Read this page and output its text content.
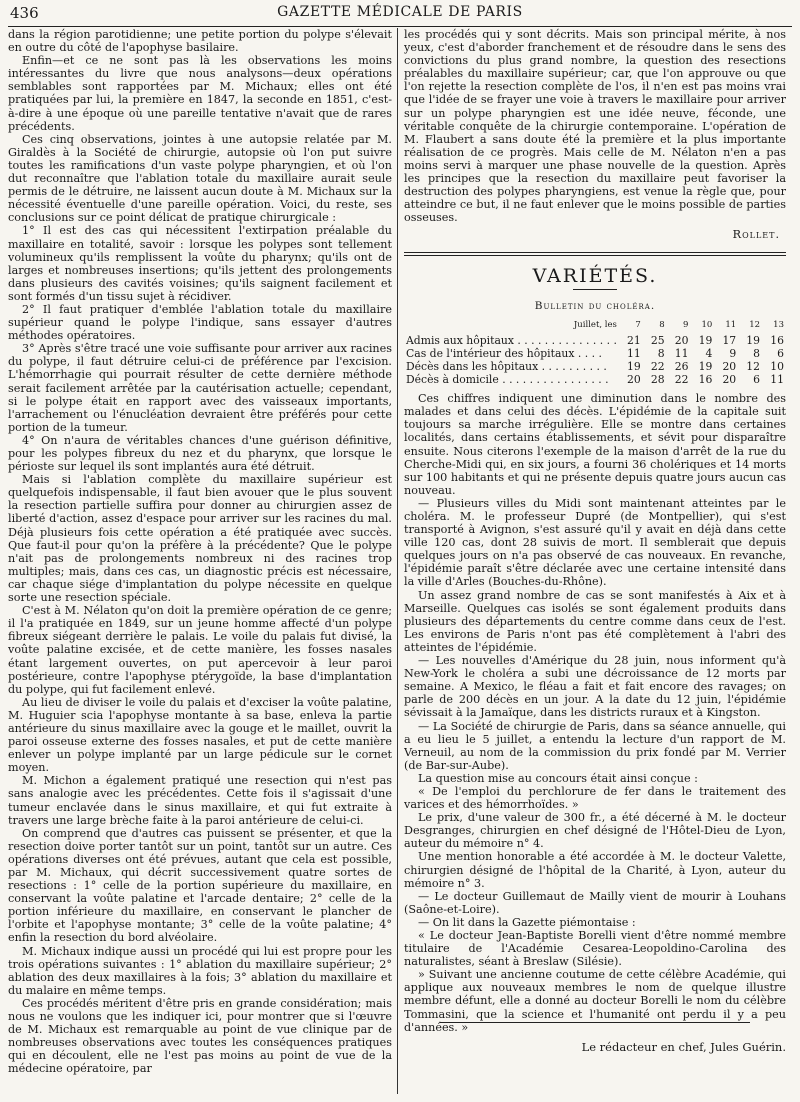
436	GAZETTE MÉDICALE DE PARIS

dans la région parotidienne; une petite portion du polype s'élevait en outre du côté de l'apophyse basilaire.

Enfin—et ce ne sont pas là les observations les moins intéressantes du livre que nous analysons—deux opérations semblables sont rapportées par M. Michaux; elles ont été pratiquées par lui, la première en 1847, la seconde en 1851, c'est-à-dire à une époque où une pareille tentative n'avait que de rares précédents.

Ces cinq observations, jointes à une autopsie relatée par M. Giraldès à la Société de chirurgie, autopsie où l'on put suivre toutes les ramifications d'un vaste polype pharyngien, et où l'on dut reconnaître que l'ablation totale du maxillaire aurait seule permis de le détruire, ne laissent aucun doute à M. Michaux sur la nécessité éventuelle d'une pareille opération. Voici, du reste, ses conclusions sur ce point délicat de pratique chirurgicale :

1° Il est des cas qui nécessitent l'extirpation préalable du maxillaire en totalité, savoir : lorsque les polypes sont tellement volumineux qu'ils remplissent la voûte du pharynx; qu'ils ont de larges et nombreuses insertions; qu'ils jettent des prolongements dans plusieurs des cavités voisines; qu'ils saignent facilement et sont formés d'un tissu sujet à récidiver.

2° Il faut pratiquer d'emblée l'ablation totale du maxillaire supérieur quand le polype l'indique, sans essayer d'autres méthodes opératoires.

3° Après s'être tracé une voie suffisante pour arriver aux racines du polype, il faut détruire celui-ci de préférence par l'excision. L'hémorrhagie qui pourrait résulter de cette dernière méthode serait facilement arrêtée par la cautérisation actuelle; cependant, si le polype était en rapport avec des vaisseaux importants, l'arrachement ou l'énucléation devraient être préférés pour cette portion de la tumeur.

4° On n'aura de véritables chances d'une guérison définitive, pour les polypes fibreux du nez et du pharynx, que lorsque le périoste sur lequel ils sont implantés aura été détruit.

Mais si l'ablation complète du maxillaire supérieur est quelquefois indispensable, il faut bien avouer que le plus souvent la resection partielle suffira pour donner au chirurgien assez de liberté d'action, assez d'espace pour arriver sur les racines du mal. Déjà plusieurs fois cette opération a été pratiquée avec succès. Que faut-il pour qu'on la préfère à la précédente? Que le polype n'ait pas de prolongements nombreux ni des racines trop multiples; mais, dans ces cas, un diagnostic précis est nécessaire, car chaque siége d'implantation du polype nécessite en quelque sorte une resection spéciale.

C'est à M. Nélaton qu'on doit la première opération de ce genre; il l'a pratiquée en 1849, sur un jeune homme affecté d'un polype fibreux siégeant derrière le palais. Le voile du palais fut divisé, la voûte palatine excisée, et de cette manière, les fosses nasales étant largement ouvertes, on put apercevoir à leur paroi postérieure, contre l'apophyse ptérygoïde, la base d'implantation du polype, qui fut facilement enlevé.

Au lieu de diviser le voile du palais et d'exciser la voûte palatine, M. Huguier scia l'apophyse montante à sa base, enleva la partie antérieure du sinus maxillaire avec la gouge et le maillet, ouvrit la paroi osseuse externe des fosses nasales, et put de cette manière enlever un polype implanté par un large pédicule sur le cornet moyen.

M. Michon a également pratiqué une resection qui n'est pas sans analogie avec les précédentes. Cette fois il s'agissait d'une tumeur enclavée dans le sinus maxillaire, et qui fut extraite à travers une large brèche faite à la paroi antérieure de celui-ci.

On comprend que d'autres cas puissent se présenter, et que la resection doive porter tantôt sur un point, tantôt sur un autre. Ces opérations diverses ont été prévues, autant que cela est possible, par M. Michaux, qui décrit successivement quatre sortes de resections : 1° celle de la portion supérieure du maxillaire, en conservant la voûte palatine et l'arcade dentaire; 2° celle de la portion inférieure du maxillaire, en conservant le plancher de l'orbite et l'apophyse montante; 3° celle de la voûte palatine; 4° enfin la resection du bord alvéolaire.

M. Michaux indique aussi un procédé qui lui est propre pour les trois opérations suivantes : 1° ablation du maxillaire supérieur; 2° ablation des deux maxillaires à la fois; 3° ablation du maxillaire et du malaire en même temps.

Ces procédés méritent d'être pris en grande considération; mais nous ne voulons que les indiquer ici, pour montrer que si l'œuvre de M. Michaux est remarquable au point de vue clinique par de nombreuses observations avec toutes les conséquences pratiques qui en découlent, elle ne l'est pas moins au point de vue de la médecine opératoire, par

les procédés qui y sont décrits. Mais son principal mérite, à nos yeux, c'est d'aborder franchement et de résoudre dans le sens des convictions du plus grand nombre, la question des resections préalables du maxillaire supérieur; car, que l'on approuve ou que l'on rejette la resection complète de l'os, il n'en est pas moins vrai que l'idée de se frayer une voie à travers le maxillaire pour arriver sur un polype pharyngien est une idée neuve, féconde, une véritable conquête de la chirurgie contemporaine. L'opération de M. Flaubert a sans doute été la première et la plus importante réalisation de ce progrès. Mais celle de M. Nélaton n'en a pas moins servi à marquer une phase nouvelle de la question. Après les principes que la resection du maxillaire peut favoriser la destruction des polypes pharyngiens, est venue la règle que, pour atteindre ce but, il ne faut enlever que le moins possible de parties osseuses.

Rollet.
VARIÉTÉS.
Bulletin du choléra.
Juillet, les	7	8	9	10	11	12	13
Admis aux hôpitaux . . . . . . . . . . . . . . .	21	25	20	19	17	19	16
Cas de l'intérieur des hôpitaux . . . .	11	8	11	4	9	8	6
Décès dans les hôpitaux . . . . . . . . . .	19	22	26	19	20	12	10
Décès à domicile . . . . . . . . . . . . . . . .	20	28	22	16	20	6	11

Ces chiffres indiquent une diminution dans le nombre des malades et dans celui des décès. L'épidémie de la capitale suit toujours sa marche irrégulière. Elle se montre dans certaines localités, dans certains établissements, et sévit pour disparaître ensuite. Nous citerons l'exemple de la maison d'arrêt de la rue du Cherche-Midi qui, en six jours, a fourni 36 cholériques et 14 morts sur 100 habitants et qui ne présente depuis quatre jours aucun cas nouveau.

— Plusieurs villes du Midi sont maintenant atteintes par le choléra. M. le professeur Dupré (de Montpellier), qui s'est transporté à Avignon, s'est assuré qu'il y avait en déjà dans cette ville 120 cas, dont 28 suivis de mort. Il semblerait que depuis quelques jours on n'a pas observé de cas nouveaux. En revanche, l'épidémie paraît s'être déclarée avec une certaine intensité dans la ville d'Arles (Bouches-du-Rhône).

Un assez grand nombre de cas se sont manifestés à Aix et à Marseille. Quelques cas isolés se sont également produits dans plusieurs des départements du centre comme dans ceux de l'est. Les environs de Paris n'ont pas été complètement à l'abri des atteintes de l'épidémie.

— Les nouvelles d'Amérique du 28 juin, nous informent qu'à New-York le choléra a subi une décroissance de 12 morts par semaine. A Mexico, le fléau a fait et fait encore des ravages; on parle de 200 décès en un jour. A la date du 12 juin, l'épidémie sévissait à la Jamaïque, dans les districts ruraux et à Kingston.

— La Société de chirurgie de Paris, dans sa séance annuelle, qui a eu lieu le 5 juillet, a entendu la lecture d'un rapport de M. Verneuil, au nom de la commission du prix fondé par M. Verrier (de Bar-sur-Aube).

La question mise au concours était ainsi conçue :

« De l'emploi du perchlorure de fer dans le traitement des varices et des hémorrhoïdes. »

Le prix, d'une valeur de 300 fr., a été décerné à M. le docteur Desgranges, chirurgien en chef désigné de l'Hôtel-Dieu de Lyon, auteur du mémoire n° 4.

Une mention honorable a été accordée à M. le docteur Valette, chirurgien désigné de l'hôpital de la Charité, à Lyon, auteur du mémoire n° 3.

— Le docteur Guillemaut de Mailly vient de mourir à Louhans (Saône-et-Loire).

— On lit dans la Gazette piémontaise :

« Le docteur Jean-Baptiste Borelli vient d'être nommé membre titulaire de l'Académie Cesarea-Leopoldino-Carolina des naturalistes, séant à Breslaw (Silésie).

» Suivant une ancienne coutume de cette célèbre Académie, qui applique aux nouveaux membres le nom de quelque illustre membre défunt, elle a donné au docteur Borelli le nom du célèbre Tommasini, que la science et l'humanité ont perdu il y a peu d'années. »

Le rédacteur en chef, Jules Guérin.
